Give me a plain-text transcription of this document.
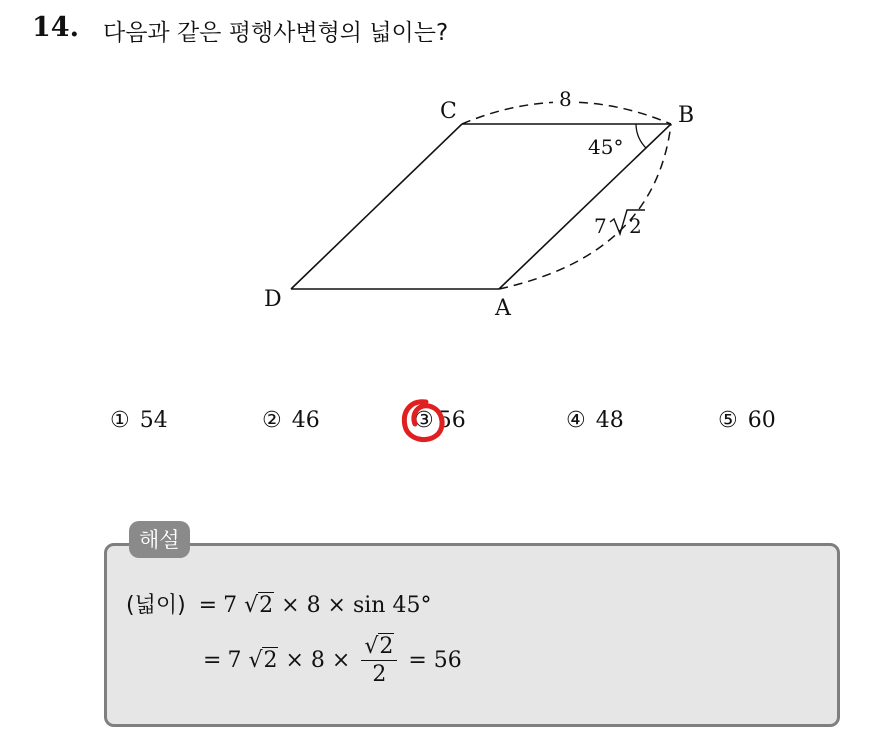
14. 다음과 같은 평행사변형의 넓이는?
C	B
A
D
8
45°
7 2
① 54	② 46	③ 56	④ 48	⑤ 60
해설
(넓이) = 7 √2 × 8 × sin 45°
= 7 $√2 \times 8 \times \frac{√2}{2} = 56$
